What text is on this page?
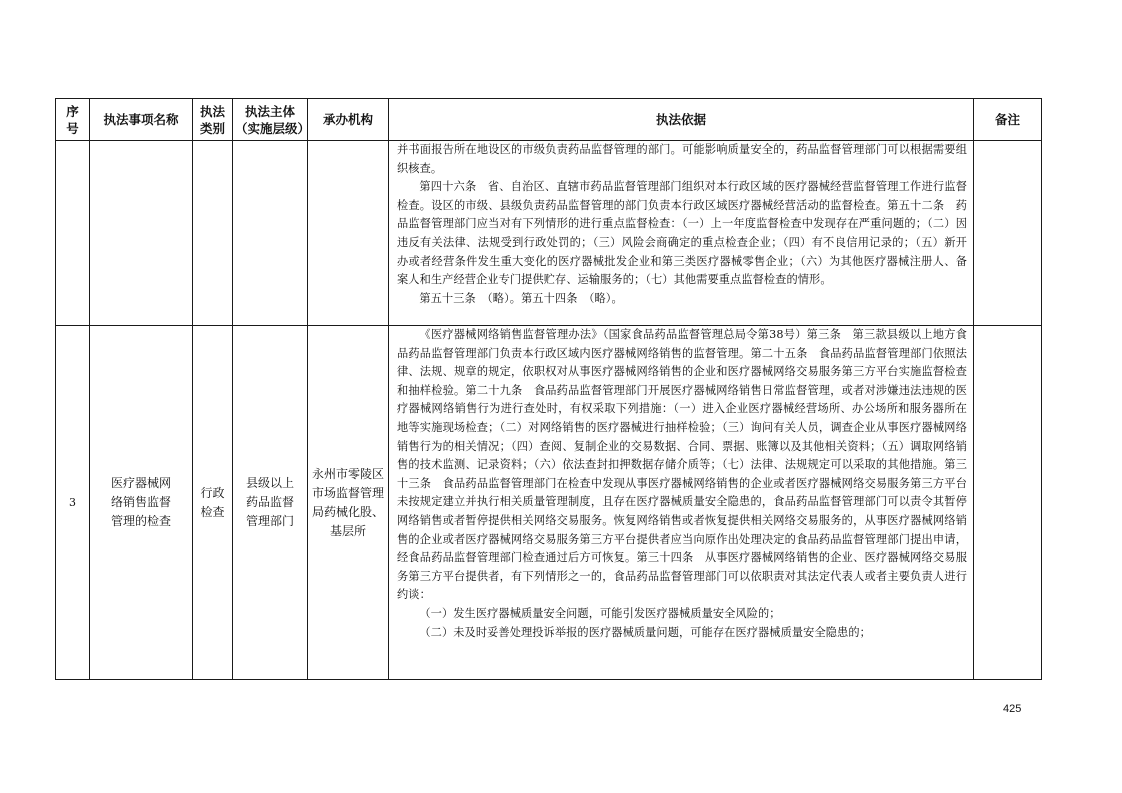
序号	执法事项名称	执法类别	执法主体（实施层级）	承办机构	执法依据	备注

					并书面报告所在地设区的市级负责药品监督管理的部门。可能影响质量安全的，药品监督管理部门可以根据需要组织核查。

第四十六条　省、自治区、直辖市药品监督管理部门组织对本行政区域的医疗器械经营监督管理工作进行监督检查。设区的市级、县级负责药品监督管理的部门负责本行政区域医疗器械经营活动的监督检查。第五十二条　药品监督管理部门应当对有下列情形的进行重点监督检查：（一）上一年度监督检查中发现存在严重问题的；（二）因违反有关法律、法规受到行政处罚的；（三）风险会商确定的重点检查企业；（四）有不良信用记录的；（五）新开办或者经营条件发生重大变化的医疗器械批发企业和第三类医疗器械零售企业；（六）为其他医疗器械注册人、备案人和生产经营企业专门提供贮存、运输服务的；（七）其他需要重点监督检查的情形。

第五十三条　（略）。第五十四条　（略）。	

3	医疗器械网络销售监督管理的检查	行政检查	县级以上药品监督管理部门	永州市零陵区市场监督管理局药械化股、基层所	《医疗器械网络销售监督管理办法》（国家食品药品监督管理总局令第38号）第三条　第三款县级以上地方食品药品监督管理部门负责本行政区域内医疗器械网络销售的监督管理。第二十五条　食品药品监督管理部门依照法律、法规、规章的规定，依职权对从事医疗器械网络销售的企业和医疗器械网络交易服务第三方平台实施监督检查和抽样检验。第二十九条　食品药品监督管理部门开展医疗器械网络销售日常监督管理，或者对涉嫌违法违规的医疗器械网络销售行为进行查处时，有权采取下列措施：（一）进入企业医疗器械经营场所、办公场所和服务器所在地等实施现场检查；（二）对网络销售的医疗器械进行抽样检验；（三）询问有关人员，调查企业从事医疗器械网络销售行为的相关情况；（四）查阅、复制企业的交易数据、合同、票据、账簿以及其他相关资料；（五）调取网络销售的技术监测、记录资料；（六）依法查封扣押数据存储介质等；（七）法律、法规规定可以采取的其他措施。第三十三条　食品药品监督管理部门在检查中发现从事医疗器械网络销售的企业或者医疗器械网络交易服务第三方平台未按规定建立并执行相关质量管理制度，且存在医疗器械质量安全隐患的，食品药品监督管理部门可以责令其暂停网络销售或者暂停提供相关网络交易服务。恢复网络销售或者恢复提供相关网络交易服务的，从事医疗器械网络销售的企业或者医疗器械网络交易服务第三方平台提供者应当向原作出处理决定的食品药品监督管理部门提出申请，经食品药品监督管理部门检查通过后方可恢复。第三十四条　从事医疗器械网络销售的企业、医疗器械网络交易服务第三方平台提供者，有下列情形之一的，食品药品监督管理部门可以依职责对其法定代表人或者主要负责人进行约谈：

（一）发生医疗器械质量安全问题，可能引发医疗器械质量安全风险的；

（二）未及时妥善处理投诉举报的医疗器械质量问题，可能存在医疗器械质量安全隐患的；	

425
